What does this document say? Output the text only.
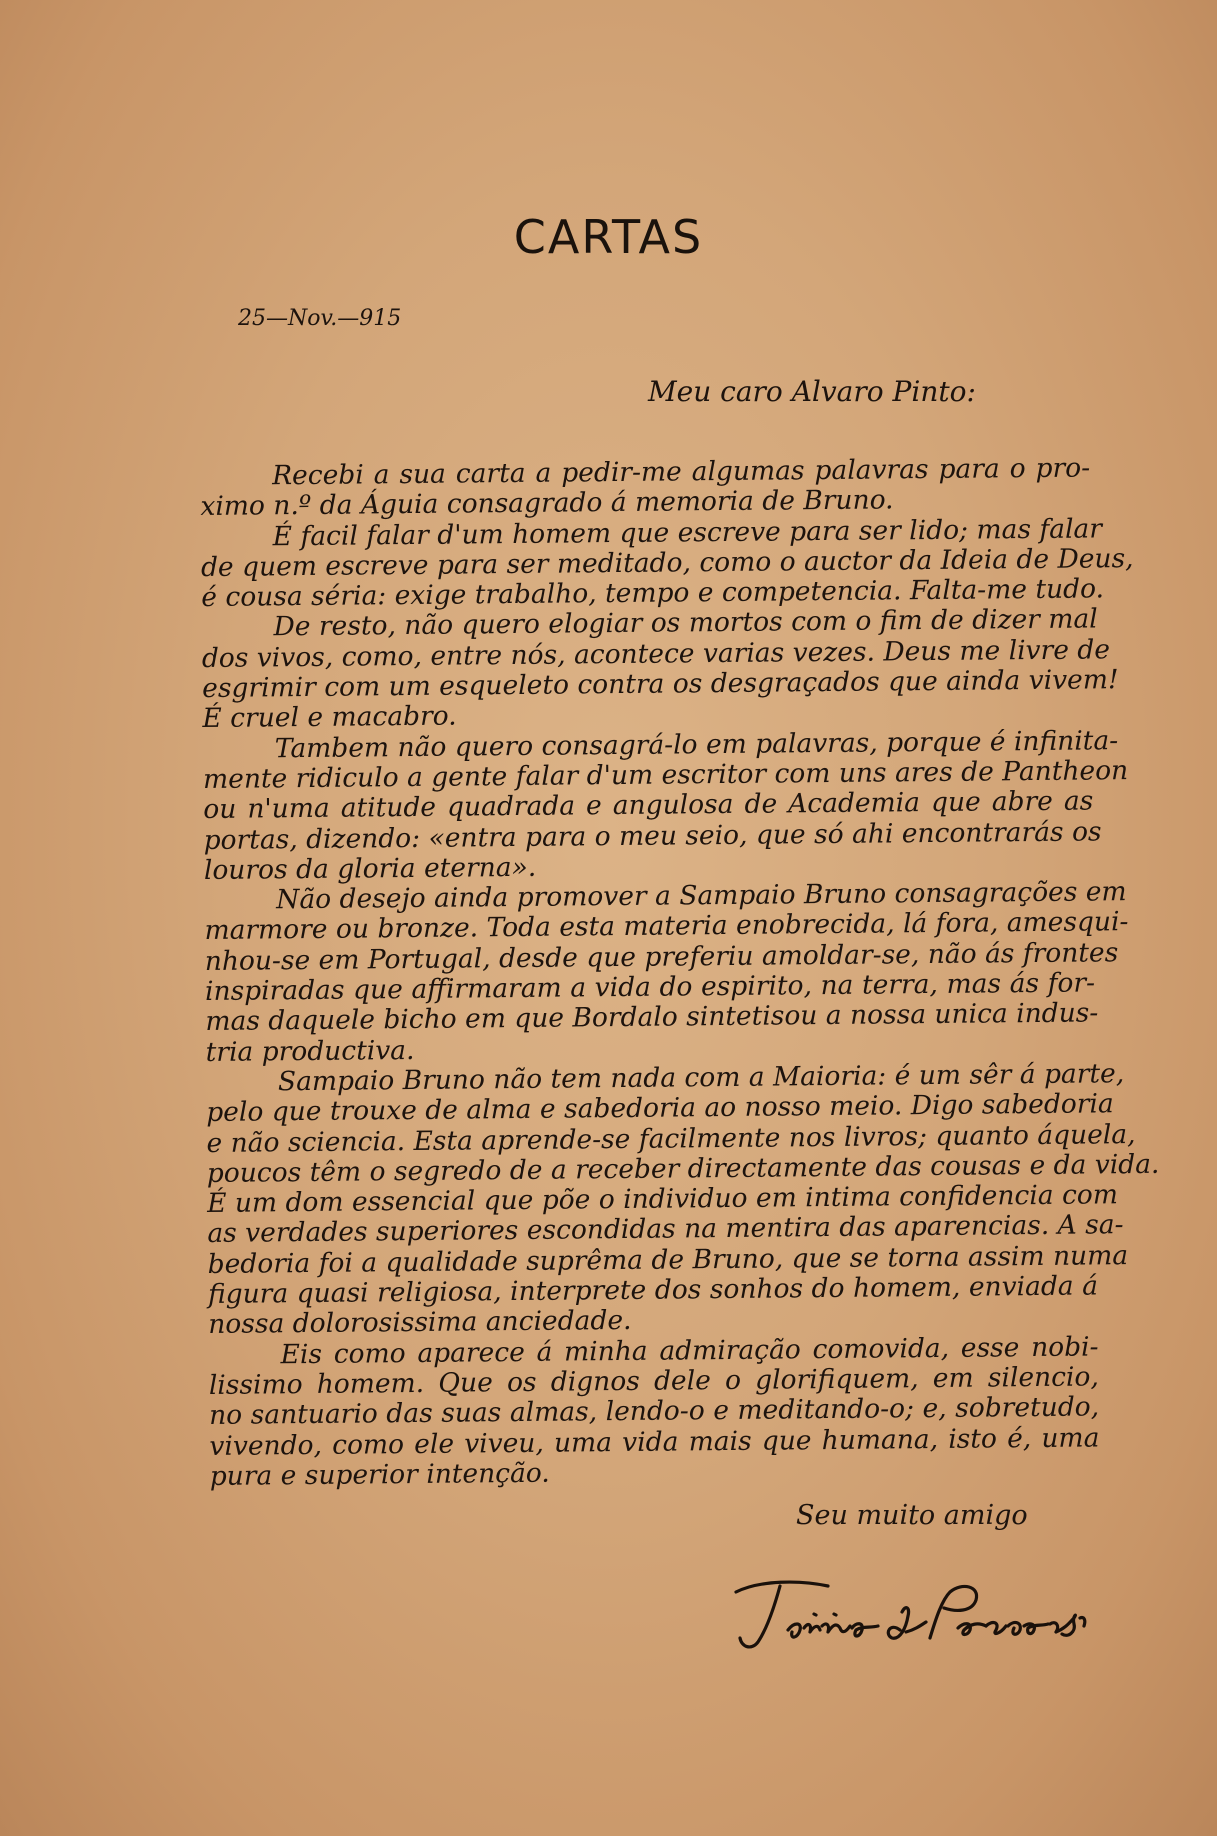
CARTAS
25—Nov.—915
Meu caro Alvaro Pinto:
Recebi a sua carta a pedir-me algumas palavras para o pro-
ximo n.º da Águia consagrado á memoria de Bruno.
É facil falar d'um homem que escreve para ser lido; mas falar
de quem escreve para ser meditado, como o auctor da Ideia de Deus,
é cousa séria: exige trabalho, tempo e competencia. Falta-me tudo.
De resto, não quero elogiar os mortos com o fim de dizer mal
dos vivos, como, entre nós, acontece varias vezes. Deus me livre de
esgrimir com um esqueleto contra os desgraçados que ainda vivem!
É cruel e macabro.
Tambem não quero consagrá-lo em palavras, porque é infinita-
mente ridiculo a gente falar d'um escritor com uns ares de Pantheon
ou n'uma atitude quadrada e angulosa de Academia que abre as
portas, dizendo: «entra para o meu seio, que só ahi encontrarás os
louros da gloria eterna».
Não desejo ainda promover a Sampaio Bruno consagrações em
marmore ou bronze. Toda esta materia enobrecida, lá fora, amesqui-
nhou-se em Portugal, desde que preferiu amoldar-se, não ás frontes
inspiradas que affirmaram a vida do espirito, na terra, mas ás for-
mas daquele bicho em que Bordalo sintetisou a nossa unica indus-
tria productiva.
Sampaio Bruno não tem nada com a Maioria: é um sêr á parte,
pelo que trouxe de alma e sabedoria ao nosso meio. Digo sabedoria
e não sciencia. Esta aprende-se facilmente nos livros; quanto áquela,
poucos têm o segredo de a receber directamente das cousas e da vida.
É um dom essencial que põe o individuo em intima confidencia com
as verdades superiores escondidas na mentira das aparencias. A sa-
bedoria foi a qualidade suprêma de Bruno, que se torna assim numa
figura quasi religiosa, interprete dos sonhos do homem, enviada á
nossa dolorosissima anciedade.
Eis como aparece á minha admiração comovida, esse nobi-
lissimo homem. Que os dignos dele o glorifiquem, em silencio,
no santuario das suas almas, lendo-o e meditando-o; e, sobretudo,
vivendo, como ele viveu, uma vida mais que humana, isto é, uma
pura e superior intenção.
Seu muito amigo
